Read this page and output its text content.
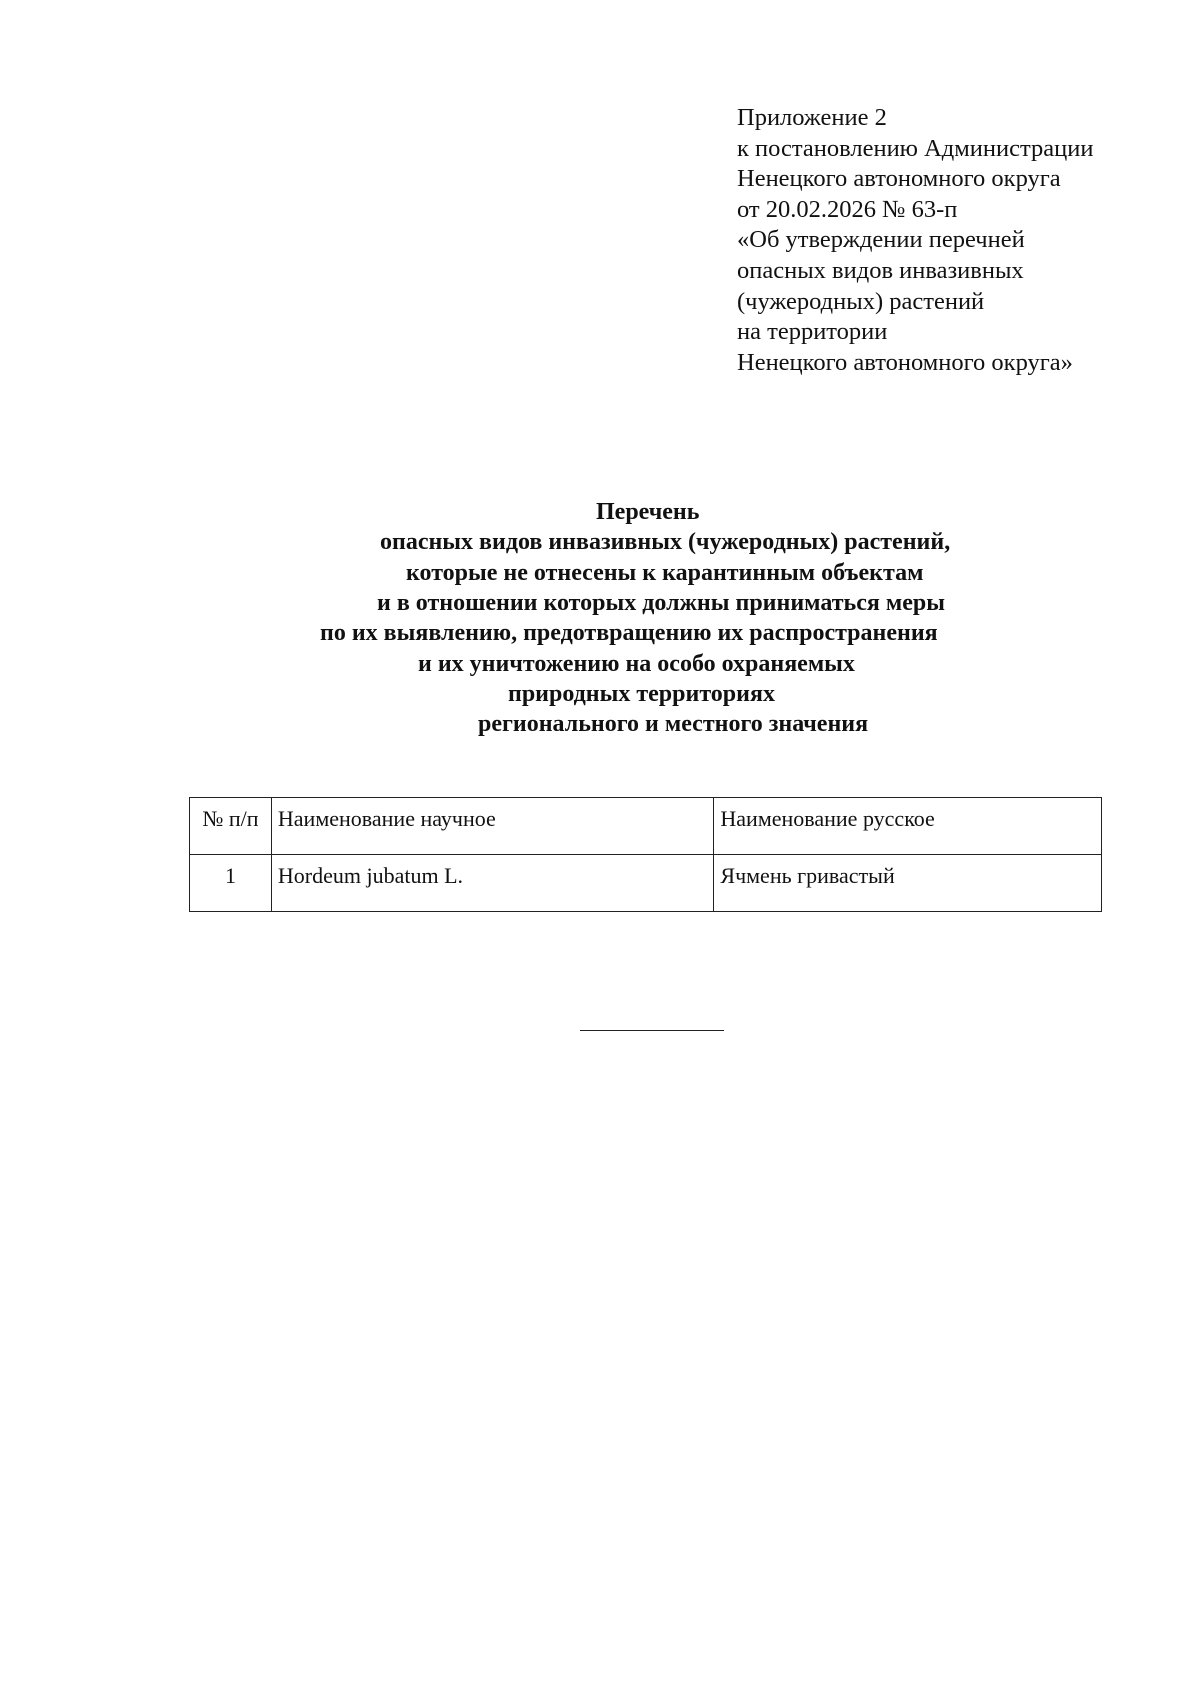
Приложение 2
к постановлению Администрации
Ненецкого автономного округа
от 20.02.2026 № 63-п
«Об утверждении перечней
опасных видов инвазивных
(чужеродных) растений
на территории
Ненецкого автономного округа»
Перечень
опасных видов инвазивных (чужеродных) растений,
которые не отнесены к карантинным объектам
и в отношении которых должны приниматься меры
по их выявлению, предотвращению их распространения
и их уничтожению на особо охраняемых
природных территориях
регионального и местного значения
№ п/п	Наименование научное	Наименование русское
1	Hordeum jubatum L.	Ячмень гривастый
